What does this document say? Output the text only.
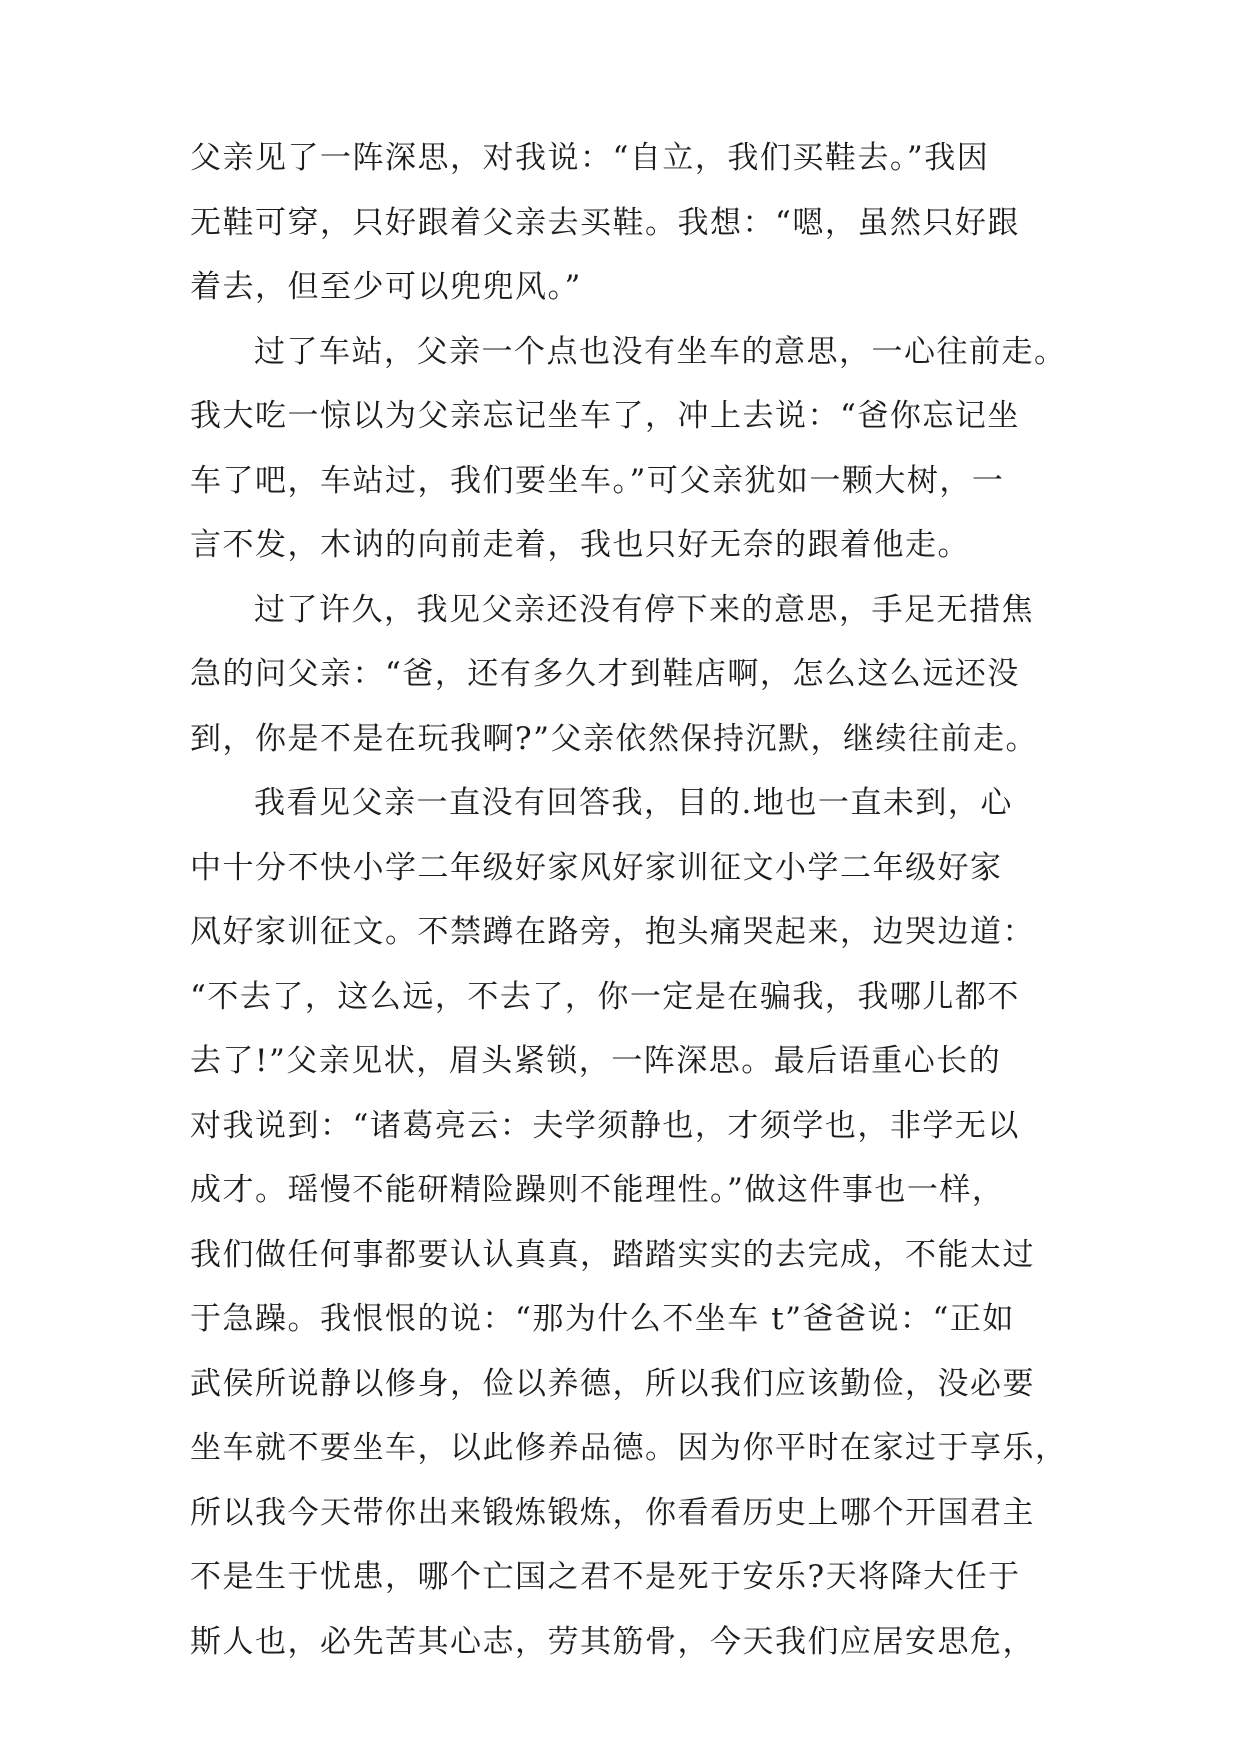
父亲见了一阵深思，对我说：“自立，我们买鞋去。”我因
无鞋可穿，只好跟着父亲去买鞋。我想：“嗯，虽然只好跟
着去，但至少可以兜兜风。”
过了车站，父亲一个点也没有坐车的意思，一心往前走。
我大吃一惊以为父亲忘记坐车了，冲上去说：“爸你忘记坐
车了吧，车站过，我们要坐车。”可父亲犹如一颗大树，一
言不发，木讷的向前走着，我也只好无奈的跟着他走。
过了许久，我见父亲还没有停下来的意思，手足无措焦
急的问父亲：“爸，还有多久才到鞋店啊，怎么这么远还没
到，你是不是在玩我啊?”父亲依然保持沉默，继续往前走。
我看见父亲一直没有回答我，目的.地也一直未到，心
中十分不快小学二年级好家风好家训征文小学二年级好家
风好家训征文。不禁蹲在路旁，抱头痛哭起来，边哭边道：
“不去了，这么远，不去了，你一定是在骗我，我哪儿都不
去了!”父亲见状，眉头紧锁，一阵深思。最后语重心长的
对我说到：“诸葛亮云：夫学须静也，才须学也，非学无以
成才。瑶慢不能研精险躁则不能理性。”做这件事也一样，
我们做任何事都要认认真真，踏踏实实的去完成，不能太过
于急躁。我恨恨的说：“那为什么不坐车 t”爸爸说：“正如
武侯所说静以修身，俭以养德，所以我们应该勤俭，没必要
坐车就不要坐车，以此修养品德。因为你平时在家过于享乐，
所以我今天带你出来锻炼锻炼，你看看历史上哪个开国君主
不是生于忧患，哪个亡国之君不是死于安乐?天将降大任于
斯人也，必先苦其心志，劳其筋骨，今天我们应居安思危，
